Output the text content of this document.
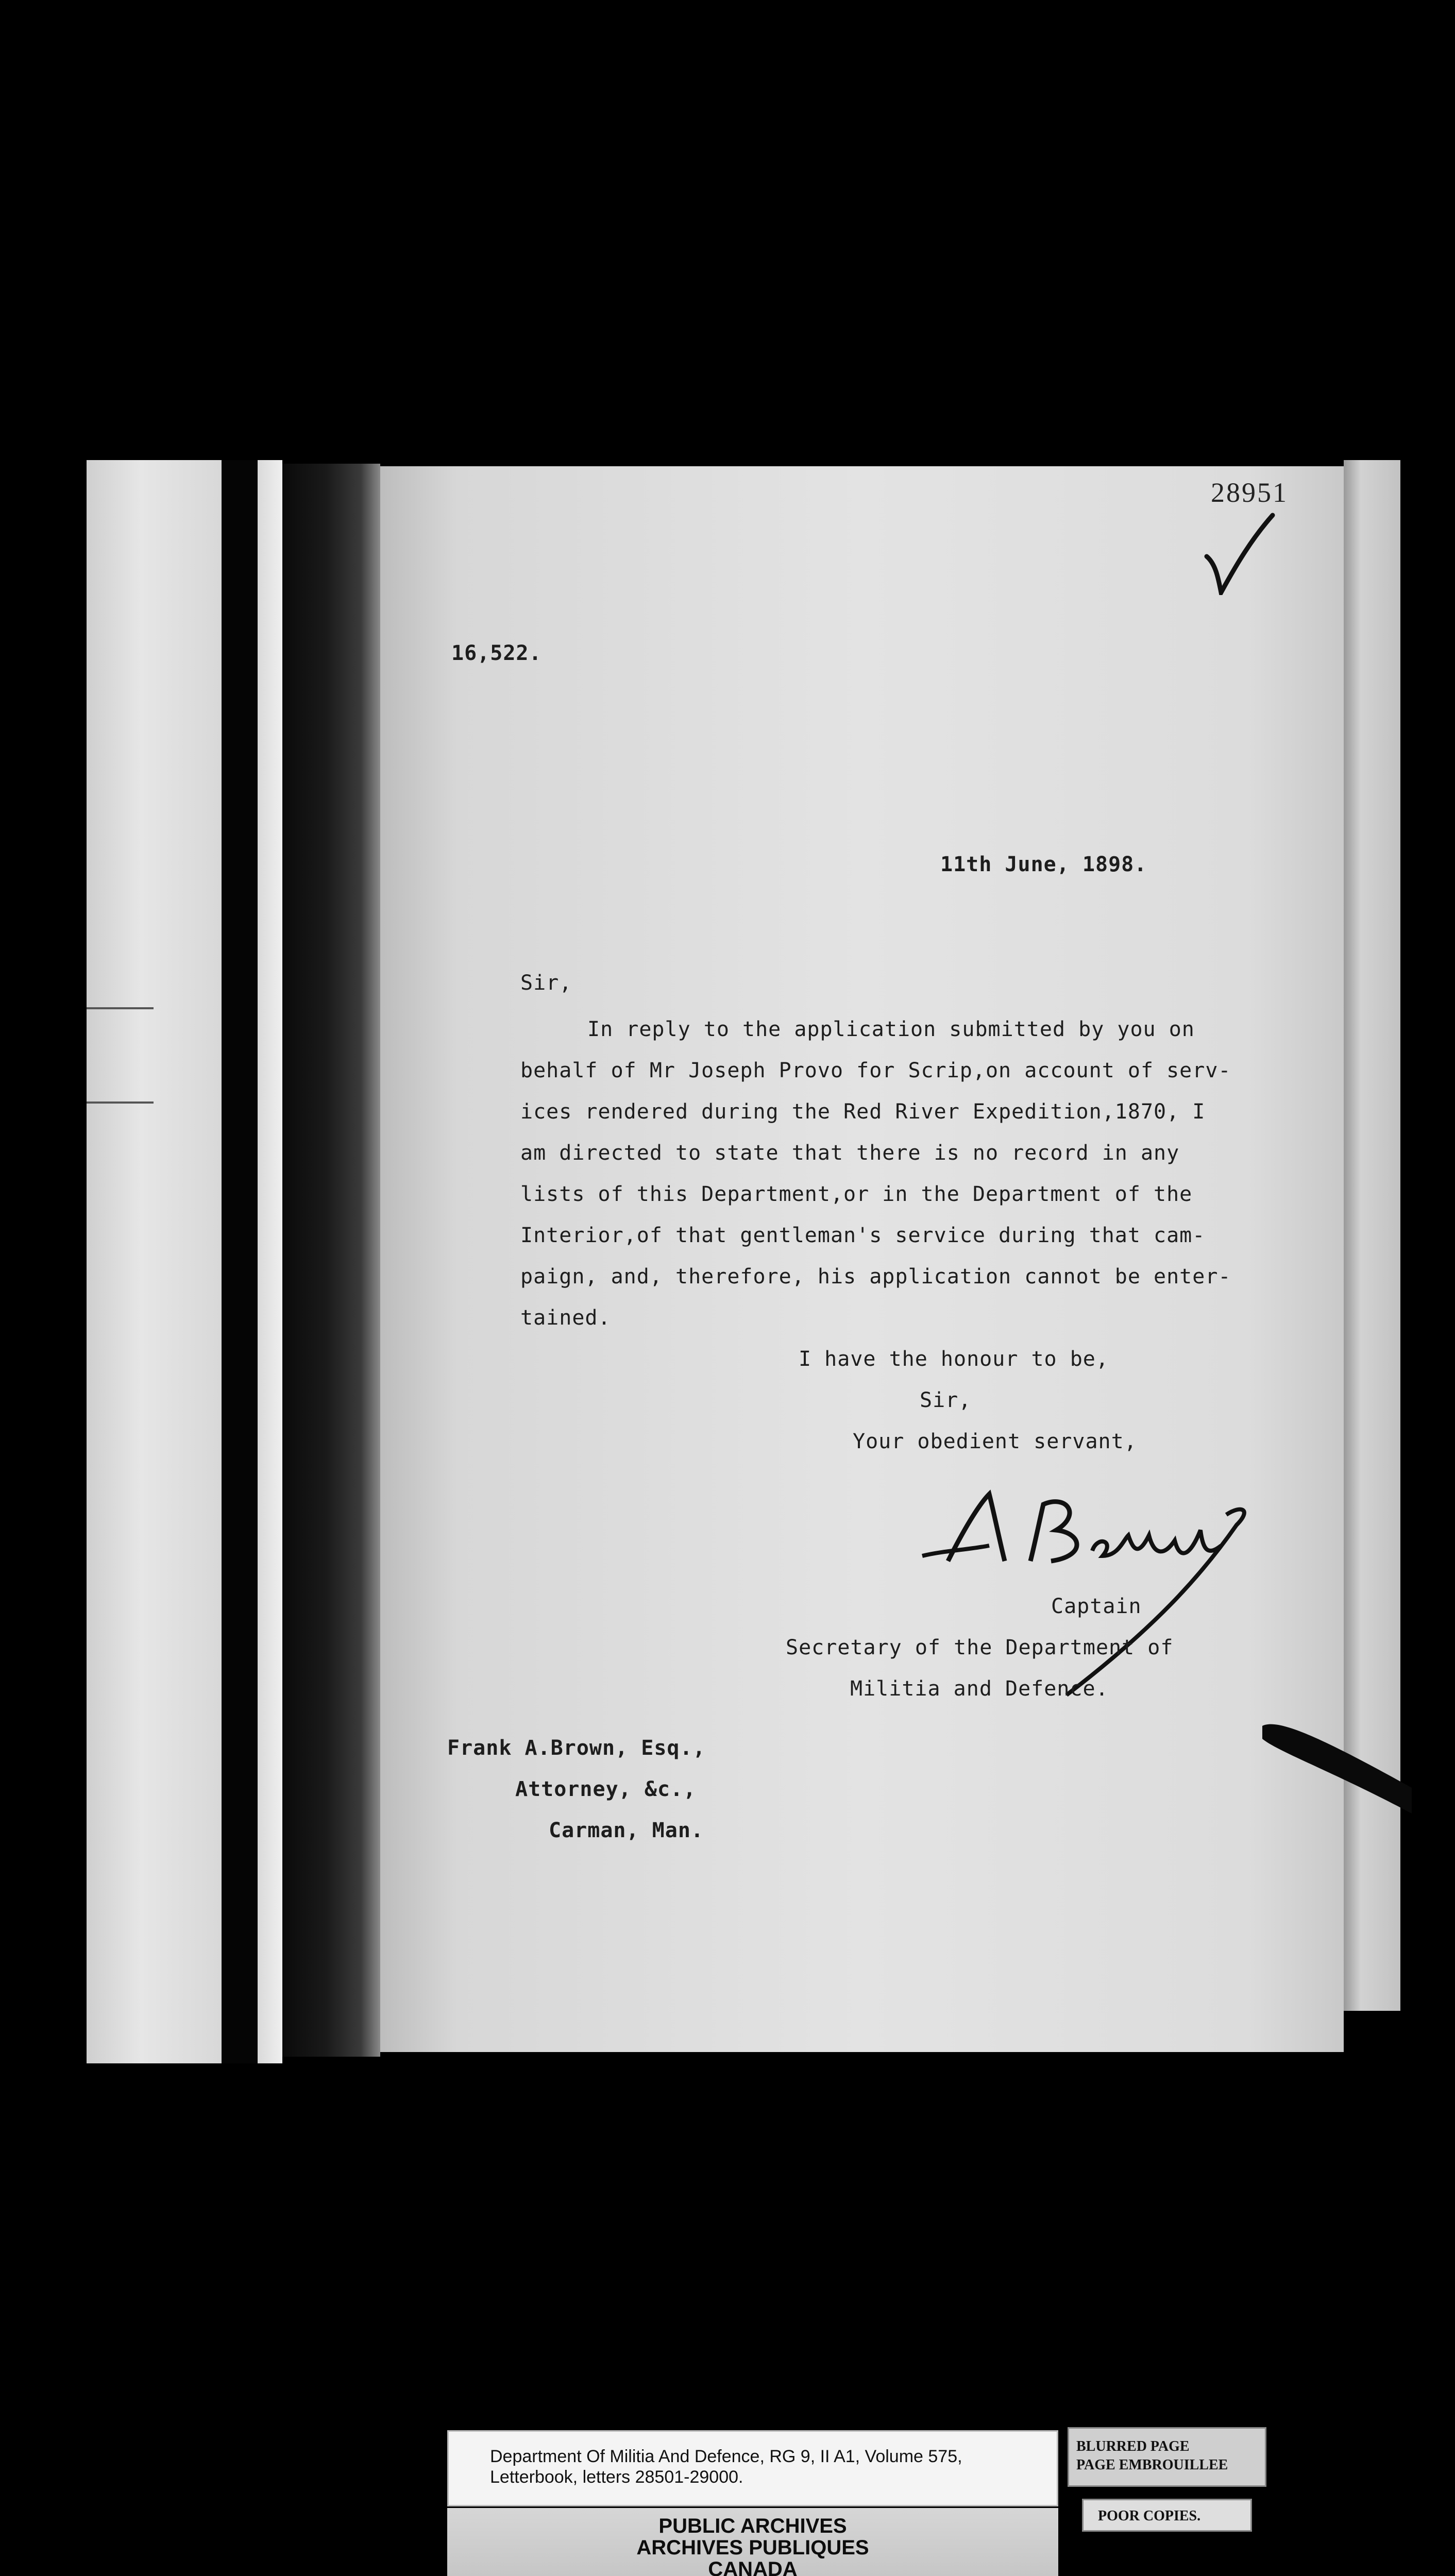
28951
16,522.
11th June, 1898.
Sir,
In reply to the application submitted by you on
behalf of Mr Joseph Provo for Scrip,on account of serv-
ices rendered during the Red River Expedition,1870, I
am directed to state that there is no record in any
lists of this Department,or in the Department of the
Interior,of that gentleman's service during that cam-
paign, and, therefore, his application cannot be enter-
tained.
I have the honour to be,
Sir,
Your obedient servant,
Captain
Secretary of the Department of
Militia and Defence.
Frank A.Brown, Esq.,
Attorney, &c.,
Carman, Man.
Department Of Militia And Defence, RG 9, II A1, Volume 575,
Letterbook, letters 28501-29000.
BLURRED PAGE
PAGE EMBROUILLEE
PUBLIC ARCHIVES
ARCHIVES PUBLIQUES
CANADA
POOR COPIES.
